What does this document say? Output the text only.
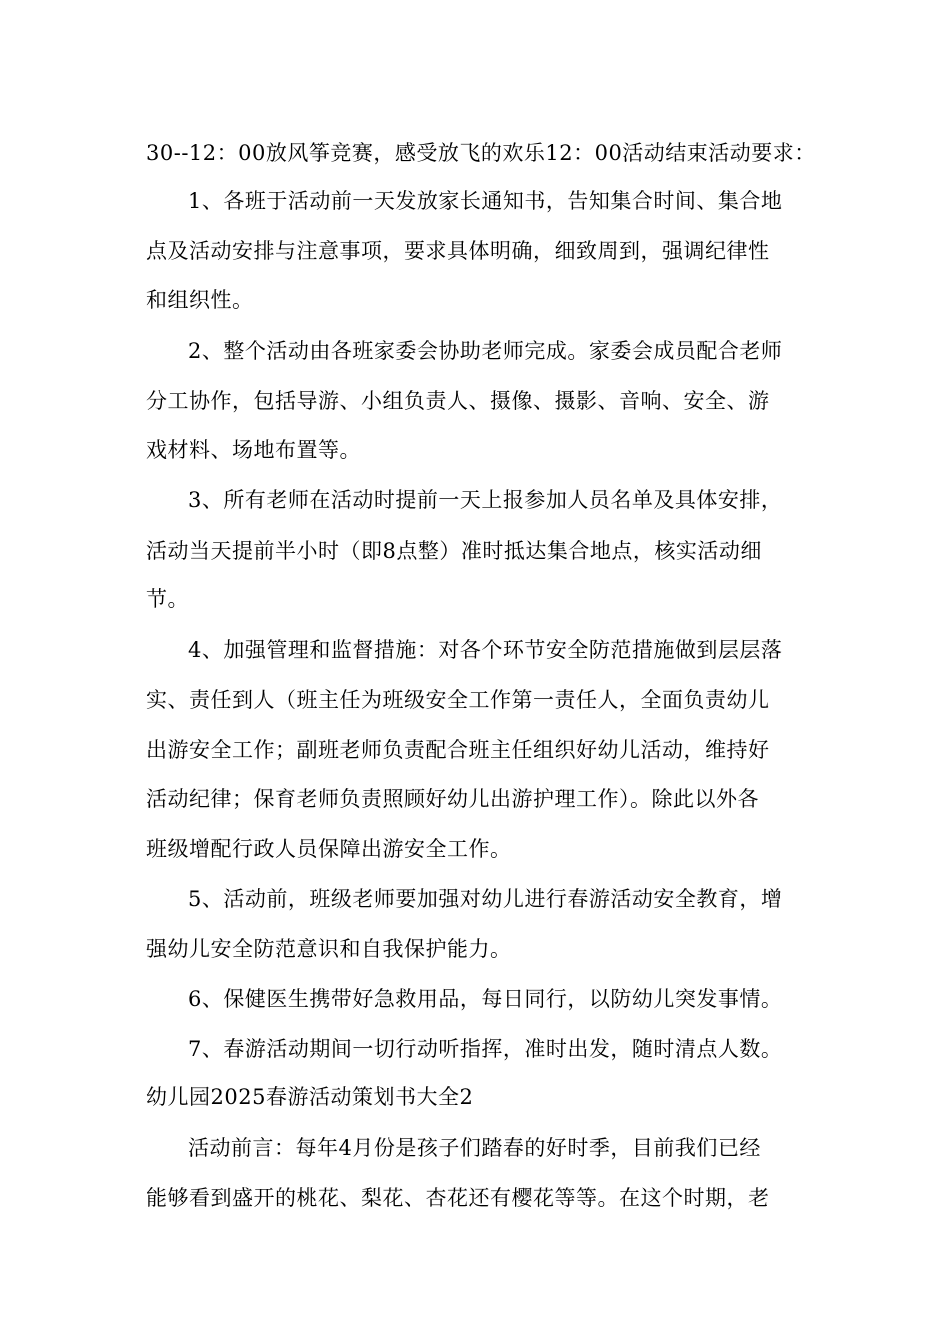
30--12：00放风筝竞赛，感受放飞的欢乐12：00活动结束活动要求：
1、各班于活动前一天发放家长通知书，告知集合时间、集合地
点及活动安排与注意事项，要求具体明确，细致周到，强调纪律性
和组织性。
2、整个活动由各班家委会协助老师完成。家委会成员配合老师
分工协作，包括导游、小组负责人、摄像、摄影、音响、安全、游
戏材料、场地布置等。
3、所有老师在活动时提前一天上报参加人员名单及具体安排，
活动当天提前半小时（即8点整）准时抵达集合地点，核实活动细
节。
4、加强管理和监督措施：对各个环节安全防范措施做到层层落
实、责任到人（班主任为班级安全工作第一责任人，全面负责幼儿
出游安全工作；副班老师负责配合班主任组织好幼儿活动，维持好
活动纪律；保育老师负责照顾好幼儿出游护理工作）。除此以外各
班级增配行政人员保障出游安全工作。
5、活动前，班级老师要加强对幼儿进行春游活动安全教育，增
强幼儿安全防范意识和自我保护能力。
6、保健医生携带好急救用品，每日同行，以防幼儿突发事情。
7、春游活动期间一切行动听指挥，准时出发，随时清点人数。
幼儿园2025春游活动策划书大全2
活动前言：每年4月份是孩子们踏春的好时季，目前我们已经
能够看到盛开的桃花、梨花、杏花还有樱花等等。在这个时期，老
